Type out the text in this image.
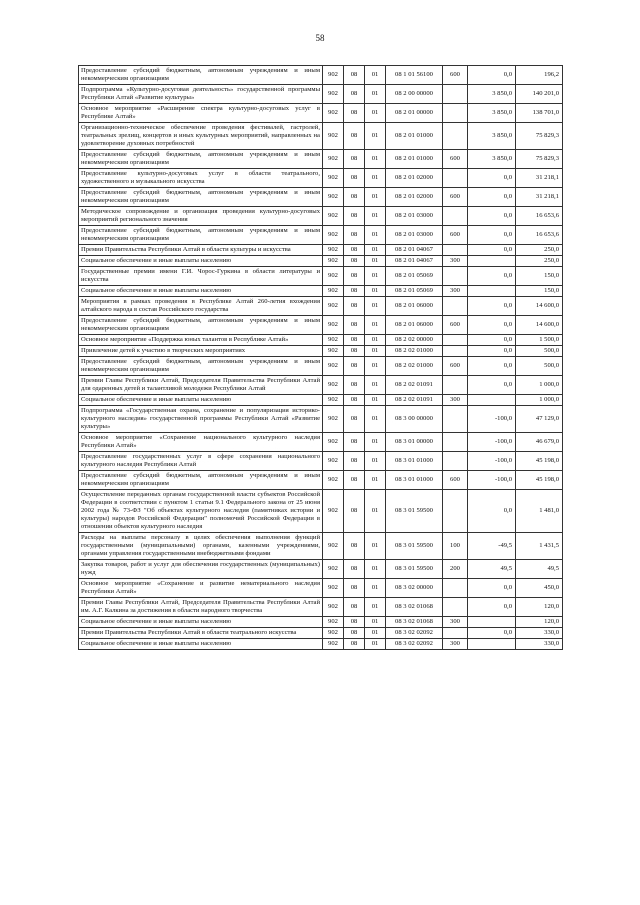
58
Предоставление субсидий бюджетным, автономным учреждениям и иным некоммерческим организациям	902	08	01	08 1 01 56100	600	0,0	196,2
Подпрограмма «Культурно-досуговая деятельность» государственной программы Республики Алтай «Развитие культуры»	902	08	01	08 2 00 00000		3 850,0	140 201,0
Основное мероприятие «Расширение спектра культурно-досуговых услуг в Республике Алтай»	902	08	01	08 2 01 00000		3 850,0	138 701,0
Организационно-техническое обеспечение проведения фестивалей, гастролей, театральных зрелищ, концертов и иных культурных мероприятий, направленных на удовлетворение духовных потребностей	902	08	01	08 2 01 01000		3 850,0	75 829,3
Предоставление субсидий бюджетным, автономным учреждениям и иным некоммерческим организациям	902	08	01	08 2 01 01000	600	3 850,0	75 829,3
Предоставление культурно-досуговых услуг в области театрального, художественного и музыкального искусства	902	08	01	08 2 01 02000		0,0	31 218,1
Предоставление субсидий бюджетным, автономным учреждениям и иным некоммерческим организациям	902	08	01	08 2 01 02000	600	0,0	31 218,1
Методическое сопровождение и организация проведения культурно-досуговых мероприятий регионального значения	902	08	01	08 2 01 03000		0,0	16 653,6
Предоставление субсидий бюджетным, автономным учреждениям и иным некоммерческим организациям	902	08	01	08 2 01 03000	600	0,0	16 653,6
Премии Правительства Республики Алтай в области культуры и искусства	902	08	01	08 2 01 04067		0,0	250,0
Социальное обеспечение и иные выплаты населению	902	08	01	08 2 01 04067	300		250,0
Государственные премии имени Г.И. Чорос-Гуркина в области литературы и искусства	902	08	01	08 2 01 05069		0,0	150,0
Социальное обеспечение и иные выплаты населению	902	08	01	08 2 01 05069	300		150,0
Мероприятия в рамках проведения в Республике Алтай 260-летия вхождения алтайского народа в состав Российского государства	902	08	01	08 2 01 06000		0,0	14 600,0
Предоставление субсидий бюджетным, автономным учреждениям и иным некоммерческим организациям	902	08	01	08 2 01 06000	600	0,0	14 600,0
Основное мероприятие «Поддержка юных талантов в Республике Алтай»	902	08	01	08 2 02 00000		0,0	1 500,0
Привлечение детей к участию в творческих мероприятиях	902	08	01	08 2 02 01000		0,0	500,0
Предоставление субсидий бюджетным, автономным учреждениям и иным некоммерческим организациям	902	08	01	08 2 02 01000	600	0,0	500,0
Премии Главы Республики Алтай, Председателя Правительства Республики Алтай для одаренных детей и талантливой молодежи Республики Алтай	902	08	01	08 2 02 01091		0,0	1 000,0
Социальное обеспечение и иные выплаты населению	902	08	01	08 2 02 01091	300		1 000,0
Подпрограмма «Государственная охрана, сохранение и популяризация историко-культурного наследия» государственной программы Республики Алтай «Развитие культуры»	902	08	01	08 3 00 00000		-100,0	47 129,0
Основное мероприятие «Сохранение национального культурного наследия Республики Алтай»	902	08	01	08 3 01 00000		-100,0	46 679,0
Предоставление государственных услуг в сфере сохранения национального культурного наследия Республики Алтай	902	08	01	08 3 01 01000		-100,0	45 198,0
Предоставление субсидий бюджетным, автономным учреждениям и иным некоммерческим организациям	902	08	01	08 3 01 01000	600	-100,0	45 198,0
Осуществление переданных органам государственной власти субъектов Российской Федерации в соответствии с пунктом 1 статьи 9.1 Федерального закона от 25 июня 2002 года № 73-ФЗ "Об объектах культурного наследия (памятниках истории и культуры) народов Российской Федерации" полномочий Российской Федерации в отношении объектов культурного наследия	902	08	01	08 3 01 59500		0,0	1 481,0
Расходы на выплаты персоналу в целях обеспечения выполнения функций государственными (муниципальными) органами, казенными учреждениями, органами управления государственными внебюджетными фондами	902	08	01	08 3 01 59500	100	-49,5	1 431,5
Закупка товаров, работ и услуг для обеспечения государственных (муниципальных) нужд	902	08	01	08 3 01 59500	200	49,5	49,5
Основное мероприятие «Сохранение и развитие нематериального наследия Республики Алтай»	902	08	01	08 3 02 00000		0,0	450,0
Премии Главы Республики Алтай, Председателя Правительства Республики Алтай им. А.Г. Калкина за достижения в области народного творчества	902	08	01	08 3 02 01068		0,0	120,0
Социальное обеспечение и иные выплаты населению	902	08	01	08 3 02 01068	300		120,0
Премии Правительства Республики Алтай в области театрального искусства	902	08	01	08 3 02 02092		0,0	330,0
Социальное обеспечение и иные выплаты населению	902	08	01	08 3 02 02092	300		330,0
